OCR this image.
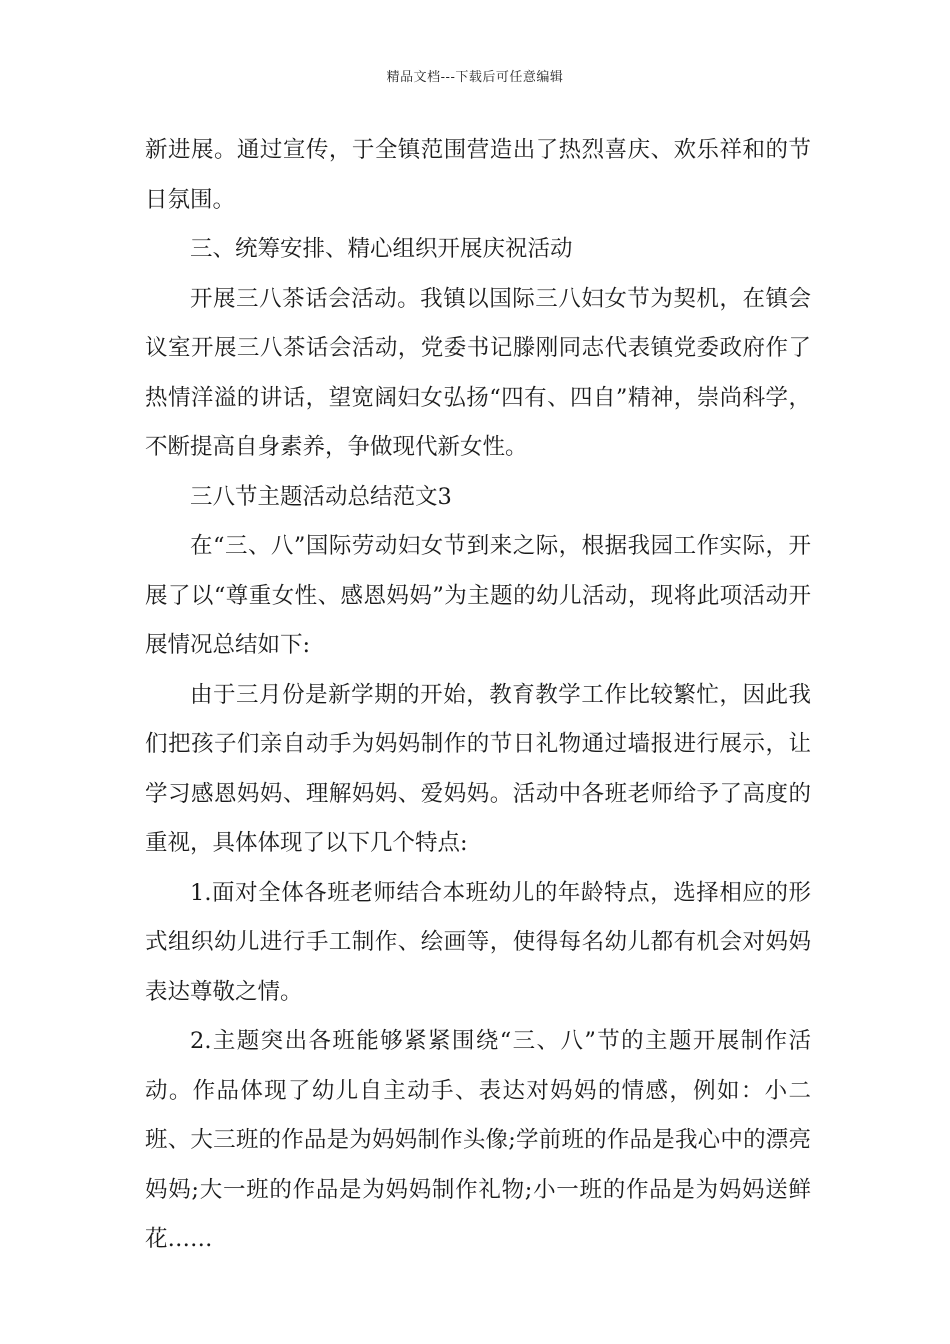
精品文档---下载后可任意编辑

新进展。通过宣传，于全镇范围营造出了热烈喜庆、欢乐祥和的节日氛围。

三、统筹安排、精心组织开展庆祝活动

开展三八茶话会活动。我镇以国际三八妇女节为契机，在镇会议室开展三八茶话会活动，党委书记滕刚同志代表镇党委政府作了热情洋溢的讲话，望宽阔妇女弘扬“四有、四自”精神，崇尚科学，不断提高自身素养，争做现代新女性。

三八节主题活动总结范文3

在“三、八”国际劳动妇女节到来之际，根据我园工作实际，开展了以“尊重女性、感恩妈妈”为主题的幼儿活动，现将此项活动开展情况总结如下:

由于三月份是新学期的开始，教育教学工作比较繁忙，因此我们把孩子们亲自动手为妈妈制作的节日礼物通过墙报进行展示，让学习感恩妈妈、理解妈妈、爱妈妈。活动中各班老师给予了高度的重视，具体体现了以下几个特点:

1.面对全体各班老师结合本班幼儿的年龄特点，选择相应的形式组织幼儿进行手工制作、绘画等，使得每名幼儿都有机会对妈妈表达尊敬之情。

2.主题突出各班能够紧紧围绕“三、八”节的主题开展制作活动。作品体现了幼儿自主动手、表达对妈妈的情感，例如：小二班、大三班的作品是为妈妈制作头像;学前班的作品是我心中的漂亮妈妈;大一班的作品是为妈妈制作礼物;小一班的作品是为妈妈送鲜花……
